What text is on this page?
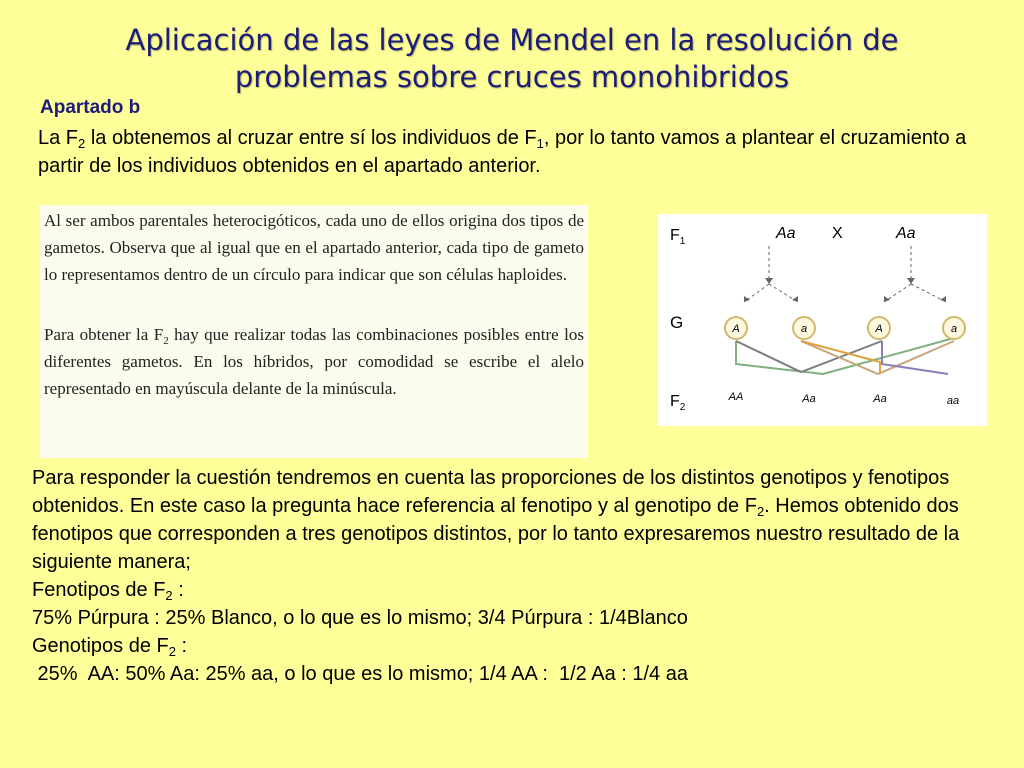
Aplicación de las leyes de Mendel en la resolución de
problemas sobre cruces monohibridos
Apartado b
La $F_2$ la obtenemos al cruzar entre sí los individuos de $F_1$, por lo tanto vamos a plantear el cruzamiento a partir de los individuos obtenidos en el apartado anterior.

Al ser ambos parentales heterocigóticos, cada uno de ellos origina dos tipos de gametos. Observa que al igual que en el apartado anterior, cada tipo de gameto lo representamos dentro de un círculo para indicar que son células haploides.

Para obtener la $F_2$ hay que realizar todas las combinaciones posibles entre los diferentes gametos. En los híbridos, por comodidad se escribe el alelo representado en mayúscula delante de la minúscula.

$F_1$
G
$F_2$
Aa X	Aa
A	a	A	a
AA	Aa	Aa	aa

Para responder la cuestión tendremos en cuenta las proporciones de los distintos genotipos y fenotipos obtenidos. En este caso la pregunta hace referencia al fenotipo y al genotipo de $F_2$. Hemos obtenido dos fenotipos que corresponden a tres genotipos distintos, por lo tanto expresaremos nuestro resultado de la siguiente manera;

Fenotipos de $F_2$ :
75% Púrpura : 25% Blanco, o lo que es lo mismo; 3/4 Púrpura : 1/4Blanco
Genotipos de $F_2$ :
25%  AA: 50% Aa: 25% aa, o lo que es lo mismo; 1/4 AA :  1/2 Aa : 1/4 aa
